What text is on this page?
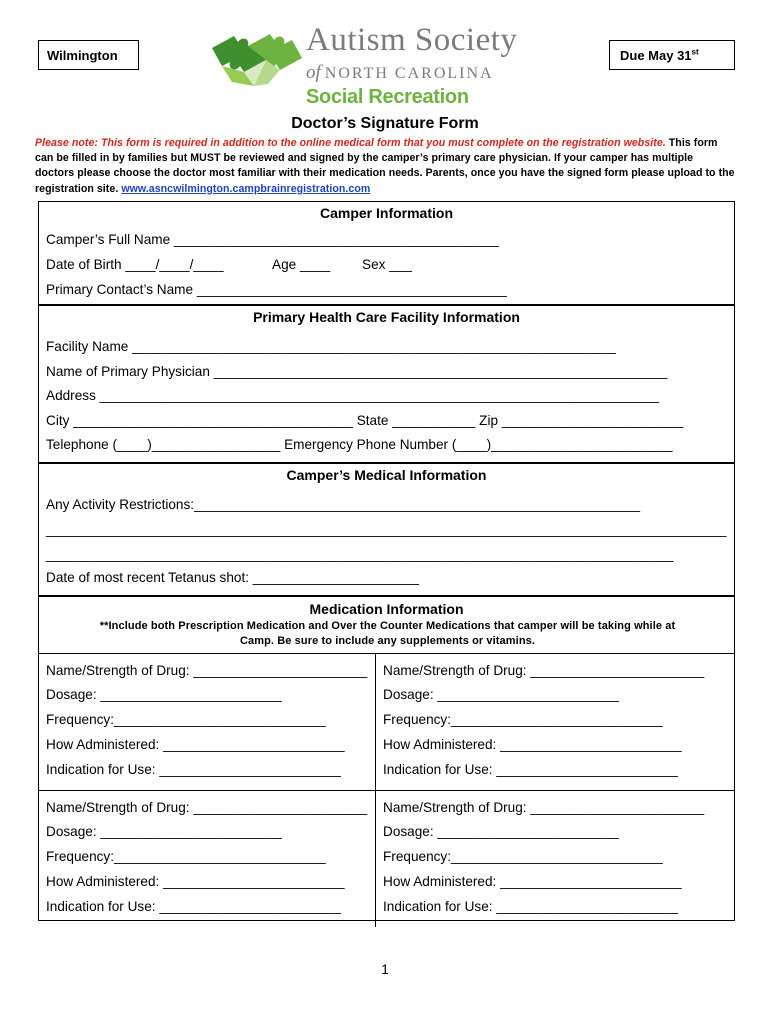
Wilmington	Autism Society
of NORTH CAROLINA
Social Recreation
Due May 31st
Doctor’s Signature Form
Please note: This form is required in addition to the online medical form that you must complete on the registration website. This form can be filled in by families but MUST be reviewed and signed by the camper’s primary care physician. If your camper has multiple doctors please choose the doctor most familiar with their medication needs. Parents, once you have the signed form please upload to the registration site. www.asncwilmington.campbrainregistration.com
Camper Information
Camper’s Full Name ___________________________________________
Date of Birth ____/____/____	Age ____ Sex ___
Primary Contact’s Name _________________________________________
Primary Health Care Facility Information
Facility Name ________________________________________________________________
Name of Primary Physician ____________________________________________________________
Address __________________________________________________________________________
City _____________________________________ State ___________ Zip ________________________
Telephone (____)_________________ Emergency Phone Number (____)________________________
Camper’s Medical Information
Any Activity Restrictions:___________________________________________________________
__________________________________________________________________________________________
___________________________________________________________________________________
Date of most recent Tetanus shot: ______________________
Medication Information
**Include both Prescription Medication and Over the Counter Medications that camper will be taking while at
Camp. Be sure to include any supplements or vitamins.
Name/Strength of Drug: _______________________
Dosage: ________________________
Frequency:____________________________
How Administered: ________________________
Indication for Use: ________________________
Name/Strength of Drug: _______________________
Dosage: ________________________
Frequency:____________________________
How Administered: ________________________
Indication for Use: ________________________
Name/Strength of Drug: _______________________
Dosage: ________________________
Frequency:____________________________
How Administered: ________________________
Indication for Use: ________________________
Name/Strength of Drug: _______________________
Dosage: ________________________
Frequency:____________________________
How Administered: ________________________
Indication for Use: ________________________
1
